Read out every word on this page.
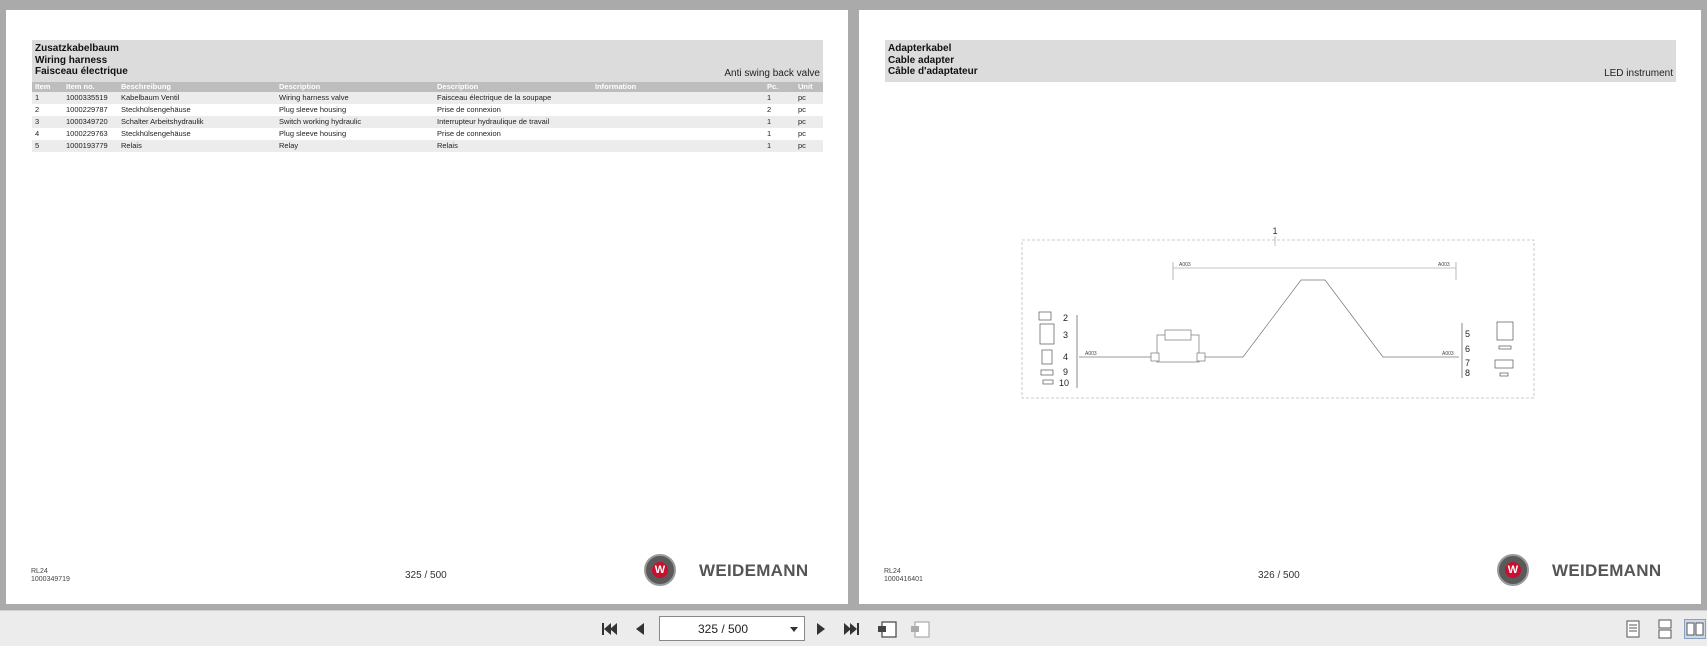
Zusatzkabelbaum
Wiring harness
Faisceau électrique	Anti swing back valve
Item	Item no.	Beschreibung	Description	Description	Information	Pc.	Unit
1	1000335519	Kabelbaum Ventil	Wiring harness valve	Faisceau électrique de la soupape		1	pc
2	1000229787	Steckhülsengehäuse	Plug sleeve housing	Prise de connexion		2	pc
3	1000349720	Schalter Arbeitshydraulik	Switch working hydraulic	Interrupteur hydraulique de travail		1	pc
4	1000229763	Steckhülsengehäuse	Plug sleeve housing	Prise de connexion		1	pc
5	1000193779	Relais	Relay	Relais		1	pc
RL24
1000349719	325 / 500	W WEIDEMANN
Adapterkabel
Cable adapter
Câble d'adaptateur	LED instrument
1
A003	A003
A003	A003
2
3
4
9
10
5
6
7
8
RL24
1000416401	326 / 500	W WEIDEMANN
325 / 500
